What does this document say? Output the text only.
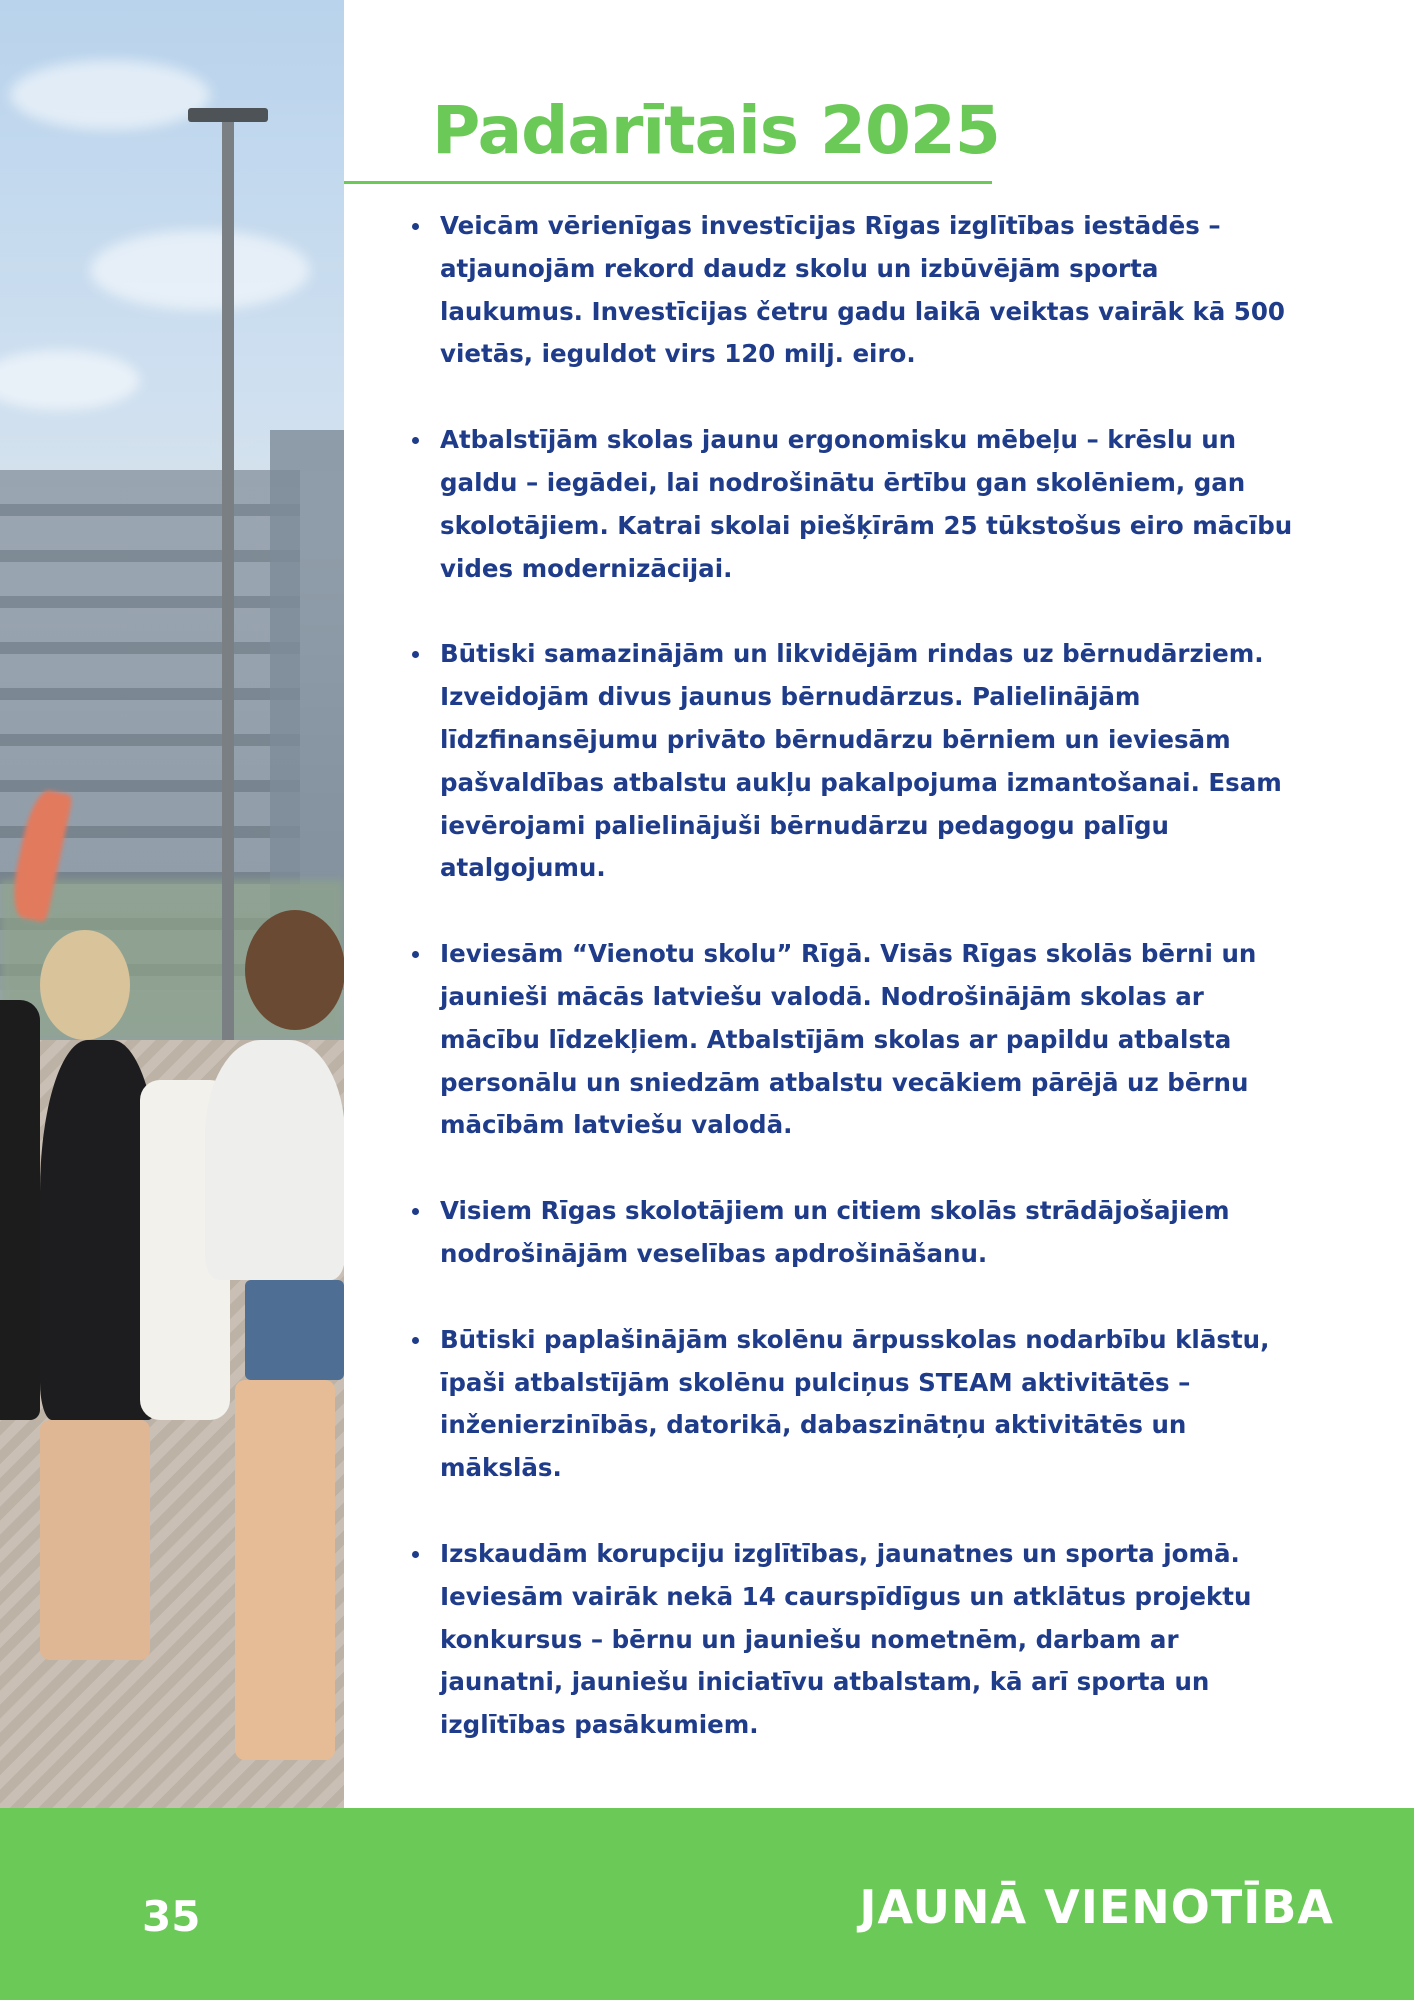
Padarītais 2025
Veicām vērienīgas investīcijas Rīgas izglītības iestādēs – atjaunojām rekord daudz skolu un izbūvējām sporta laukumus. Investīcijas četru gadu laikā veiktas vairāk kā 500 vietās, ieguldot virs 120 milj. eiro.
Atbalstījām skolas jaunu ergonomisku mēbeļu – krēslu un galdu – iegādei, lai nodrošinātu ērtību gan skolēniem, gan skolotājiem. Katrai skolai piešķīrām 25 tūkstošus eiro mācību vides modernizācijai.
Būtiski samazinājām un likvidējām rindas uz bērnudārziem. Izveidojām divus jaunus bērnudārzus. Palielinājām līdzfinansējumu privāto bērnudārzu bērniem un ieviesām pašvaldības atbalstu aukļu pakalpojuma izmantošanai. Esam ievērojami palielinājuši bērnudārzu pedagogu palīgu atalgojumu.
Ieviesām “Vienotu skolu” Rīgā. Visās Rīgas skolās bērni un jaunieši mācās latviešu valodā. Nodrošinājām skolas ar mācību līdzekļiem. Atbalstījām skolas ar papildu atbalsta personālu un sniedzām atbalstu vecākiem pārējā uz bērnu mācībām latviešu valodā.
Visiem Rīgas skolotājiem un citiem skolās strādājošajiem nodrošinājām veselības apdrošināšanu.
Būtiski paplašinājām skolēnu ārpusskolas nodarbību klāstu, īpaši atbalstījām skolēnu pulciņus STEAM aktivitātēs – inženierzinībās, datorikā, dabaszinātņu aktivitātēs un mākslās.
Izskaudām korupciju izglītības, jaunatnes un sporta jomā. Ieviesām vairāk nekā 14 caurspīdīgus un atklātus projektu konkursus – bērnu un jauniešu nometnēm, darbam ar jaunatni, jauniešu iniciatīvu atbalstam, kā arī sporta un izglītības pasākumiem.
35	JAUNĀ VIENOTĪBA
